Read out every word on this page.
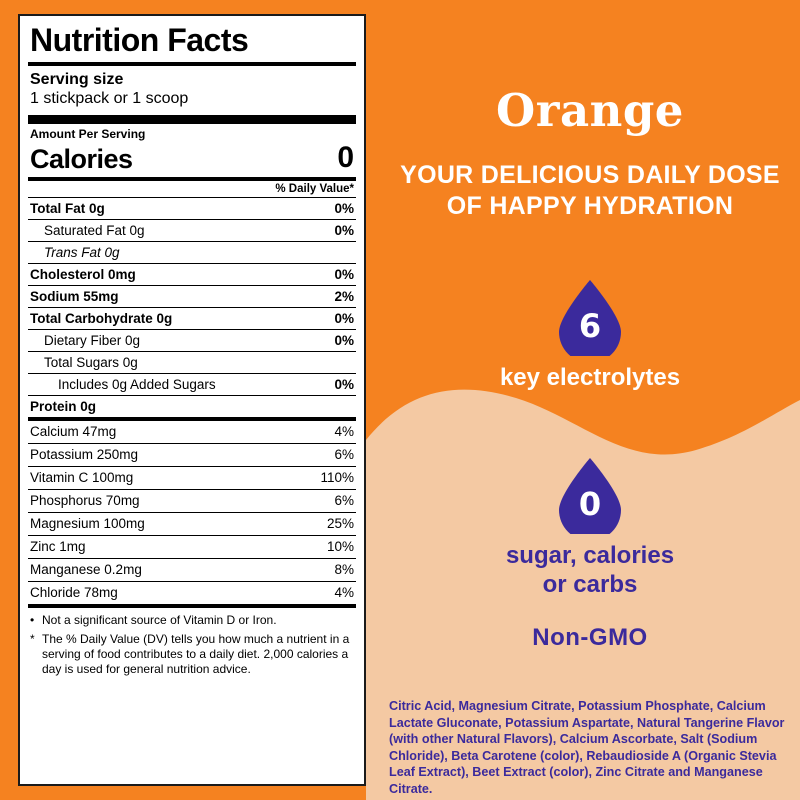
Nutrition Facts
Serving size
1 stickpack or 1 scoop
Amount Per Serving
Calories	0
% Daily Value*
Total Fat 0g	0%
Saturated Fat 0g	0%
Trans Fat 0g
Cholesterol 0mg	0%
Sodium 55mg	2%
Total Carbohydrate 0g	0%
Dietary Fiber 0g	0%
Total Sugars 0g
Includes 0g Added Sugars	0%
Protein 0g
Calcium 47mg	4%
Potassium 250mg	6%
Vitamin C 100mg	110%
Phosphorus 70mg	6%
Magnesium 100mg	25%
Zinc 1mg	10%
Manganese 0.2mg	8%
Chloride 78mg	4%
• Not a significant source of Vitamin D or Iron.
* The % Daily Value (DV) tells you how much a nutrient in a serving of food contributes to a daily diet. 2,000 calories a day is used for general nutrition advice.
Orange
YOUR DELICIOUS DAILY DOSE
OF HAPPY HYDRATION
6
key electrolytes
0
sugar, calories
or carbs
Non-GMO
Citric Acid, Magnesium Citrate, Potassium Phosphate, Calcium Lactate Gluconate, Potassium Aspartate, Natural Tangerine Flavor (with other Natural Flavors), Calcium Ascorbate, Salt (Sodium Chloride), Beta Carotene (color), Rebaudioside A (Organic Stevia Leaf Extract), Beet Extract (color), Zinc Citrate and Manganese Citrate.
